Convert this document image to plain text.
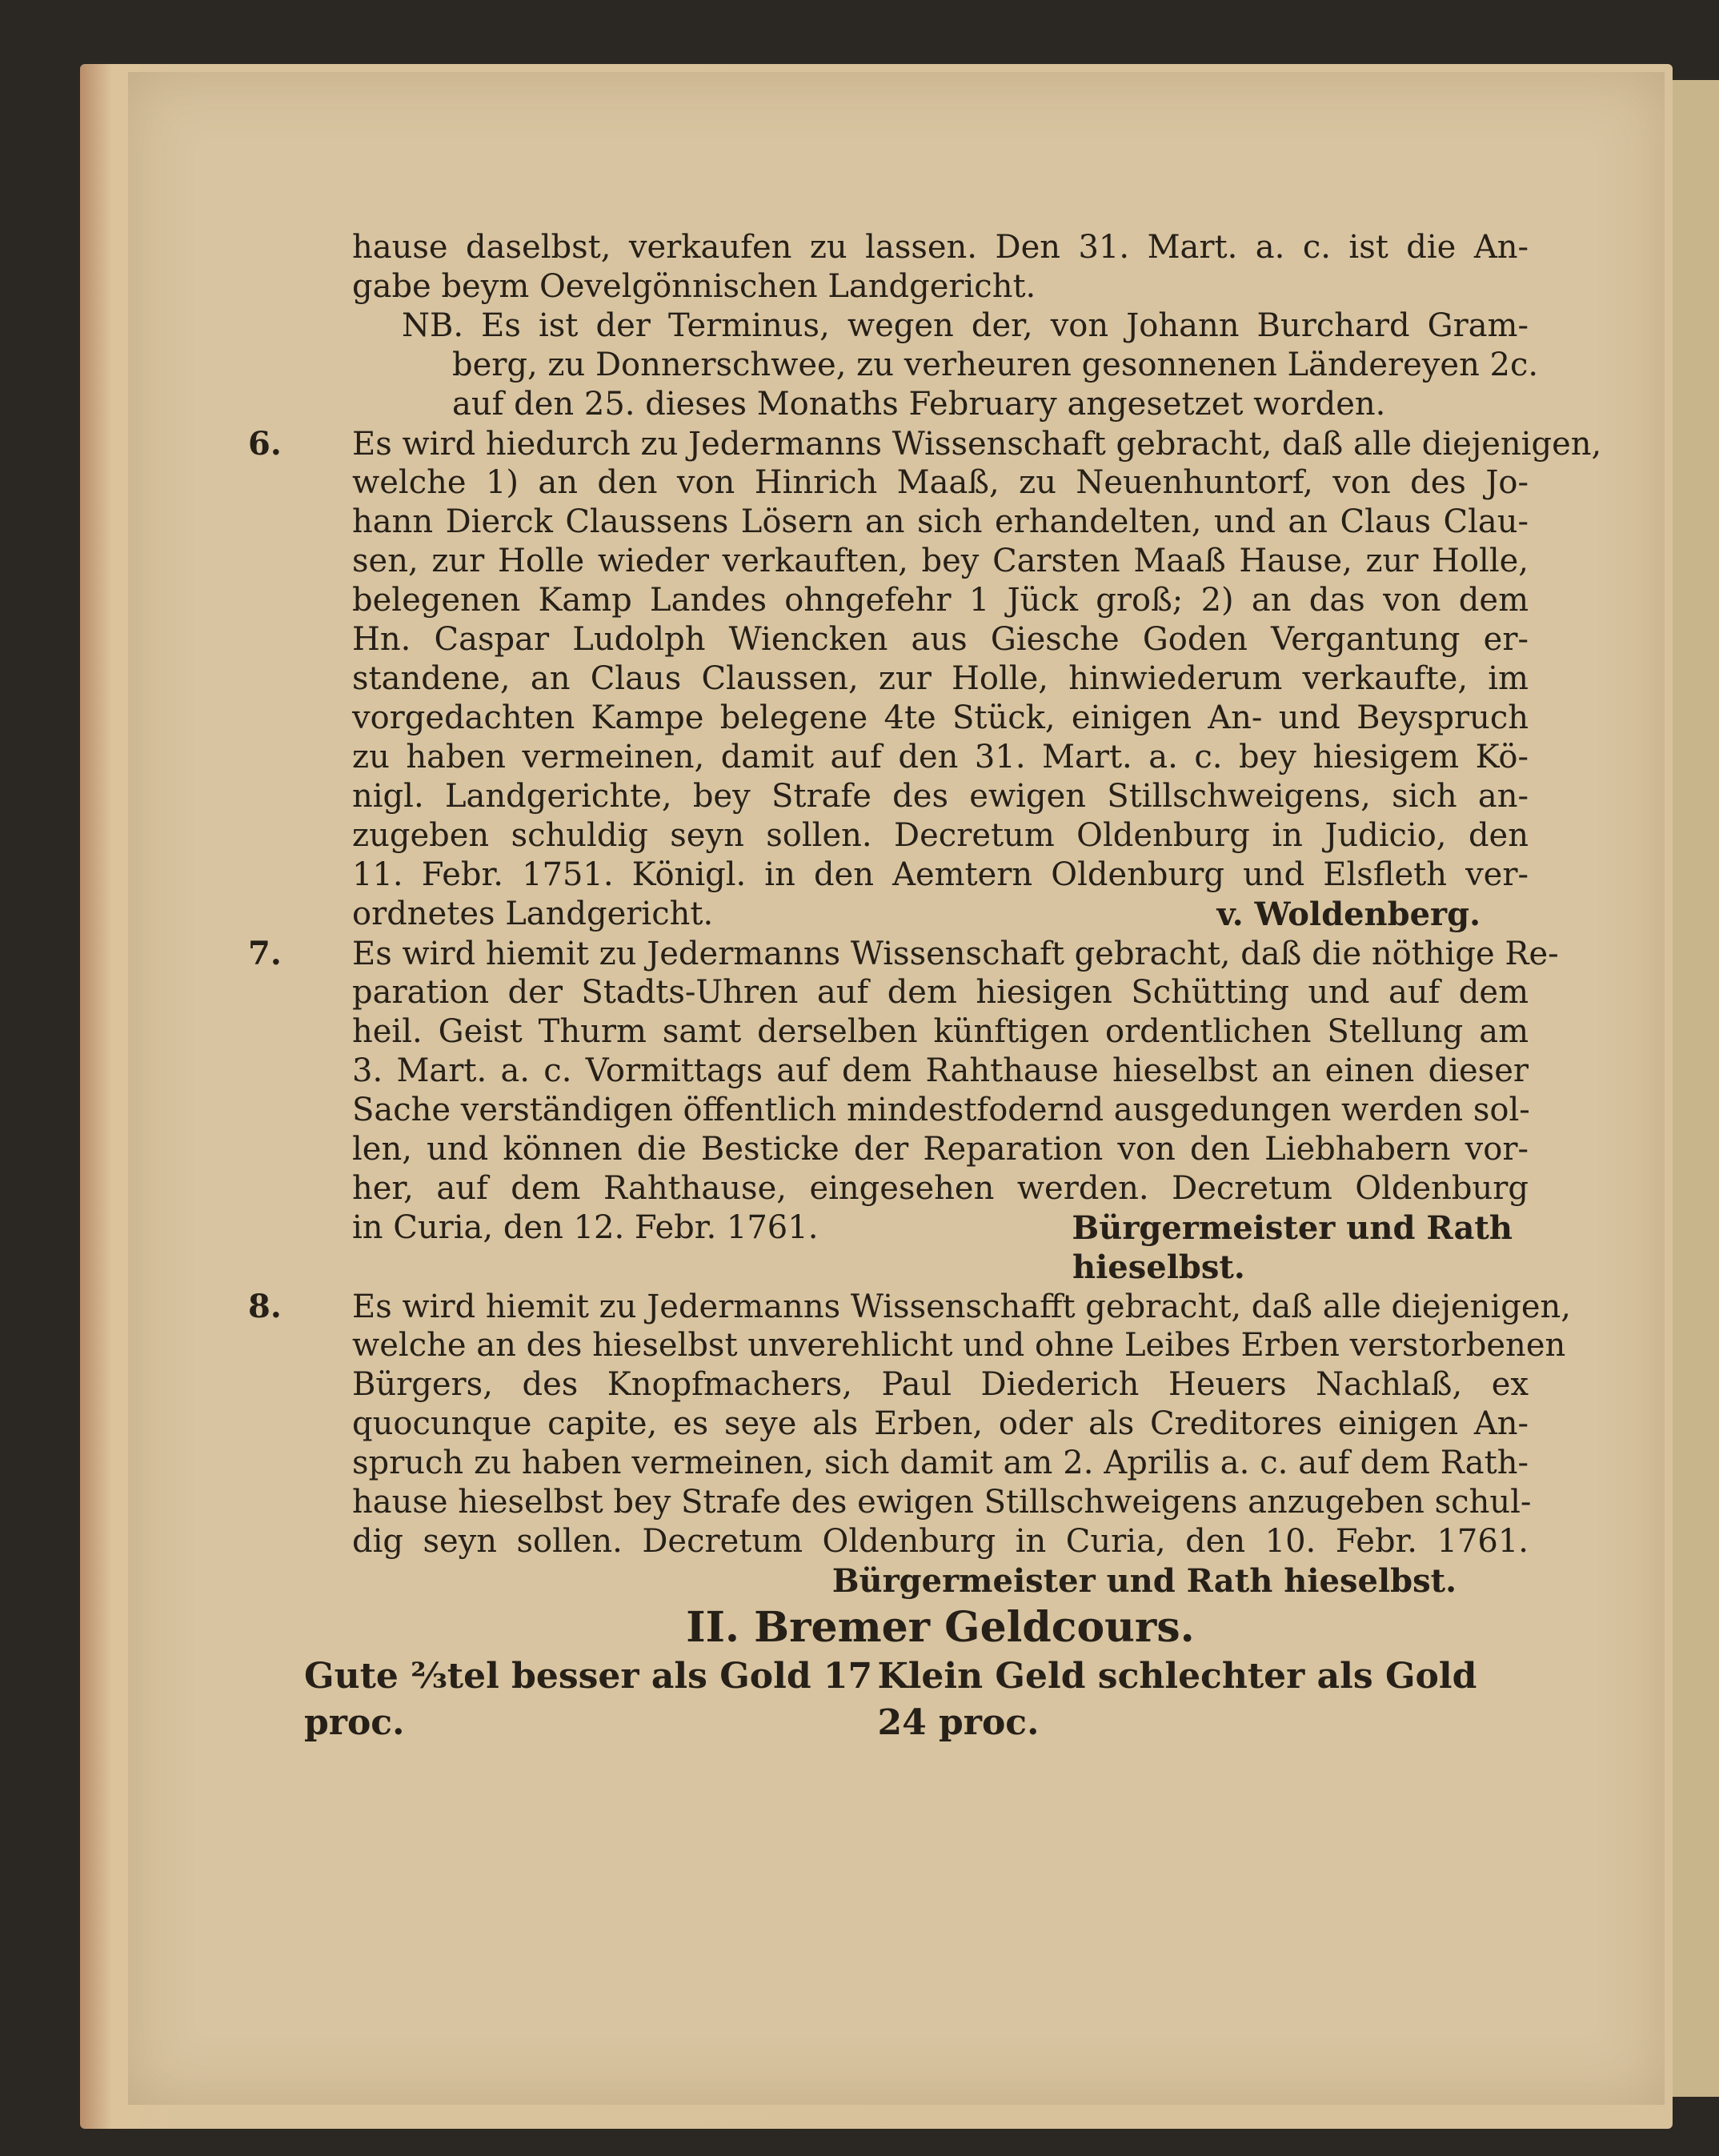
hause daselbst, verkaufen zu lassen. Den 31. Mart. a. c. ist die An-
gabe beym Oevelgönnischen Landgericht.
NB. Es ist der Terminus, wegen der, von Johann Burchard Gram-
berg, zu Donnerschwee, zu verheuren gesonnenen Ländereyen 2c.
auf den 25. dieses Monaths February angesetzet worden.
Es wird hiedurch zu Jedermanns Wissenschaft gebracht, daß alle diejenigen,
welche 1) an den von Hinrich Maaß, zu Neuenhuntorf, von des Jo-
hann Dierck Claussens Lösern an sich erhandelten, und an Claus Clau-
sen, zur Holle wieder verkauften, bey Carsten Maaß Hause, zur Holle,
belegenen Kamp Landes ohngefehr 1 Jück groß; 2) an das von dem
Hn. Caspar Ludolph Wiencken aus Giesche Goden Vergantung er-
standene, an Claus Claussen, zur Holle, hinwiederum verkaufte, im
vorgedachten Kampe belegene 4te Stück, einigen An- und Beyspruch
zu haben vermeinen, damit auf den 31. Mart. a. c. bey hiesigem Kö-
nigl. Landgerichte, bey Strafe des ewigen Stillschweigens, sich an-
zugeben schuldig seyn sollen. Decretum Oldenburg in Judicio, den
11. Febr. 1751. Königl. in den Aemtern Oldenburg und Elsfleth ver-
ordnetes Landgericht.	v. Woldenberg.
Es wird hiemit zu Jedermanns Wissenschaft gebracht, daß die nöthige Re-
paration der Stadts-Uhren auf dem hiesigen Schütting und auf dem
heil. Geist Thurm samt derselben künftigen ordentlichen Stellung am
3. Mart. a. c. Vormittags auf dem Rahthause hieselbst an einen dieser
Sache verständigen öffentlich mindestfodernd ausgedungen werden sol-
len, und können die Besticke der Reparation von den Liebhabern vor-
her, auf dem Rahthause, eingesehen werden. Decretum Oldenburg
in Curia, den 12. Febr. 1761.	Bürgermeister und Rath
hieselbst.
Es wird hiemit zu Jedermanns Wissenschafft gebracht, daß alle diejenigen,
welche an des hieselbst unverehlicht und ohne Leibes Erben verstorbenen
Bürgers, des Knopfmachers, Paul Diederich Heuers Nachlaß, ex
quocunque capite, es seye als Erben, oder als Creditores einigen An-
spruch zu haben vermeinen, sich damit am 2. Aprilis a. c. auf dem Rath-
hause hieselbst bey Strafe des ewigen Stillschweigens anzugeben schul-
dig seyn sollen. Decretum Oldenburg in Curia, den 10. Febr. 1761.
Bürgermeister und Rath hieselbst.
II. Bremer Geldcours.
Gute ⅔tel besser als Gold 17 proc.
Klein Geld schlechter als Gold 24 proc.
